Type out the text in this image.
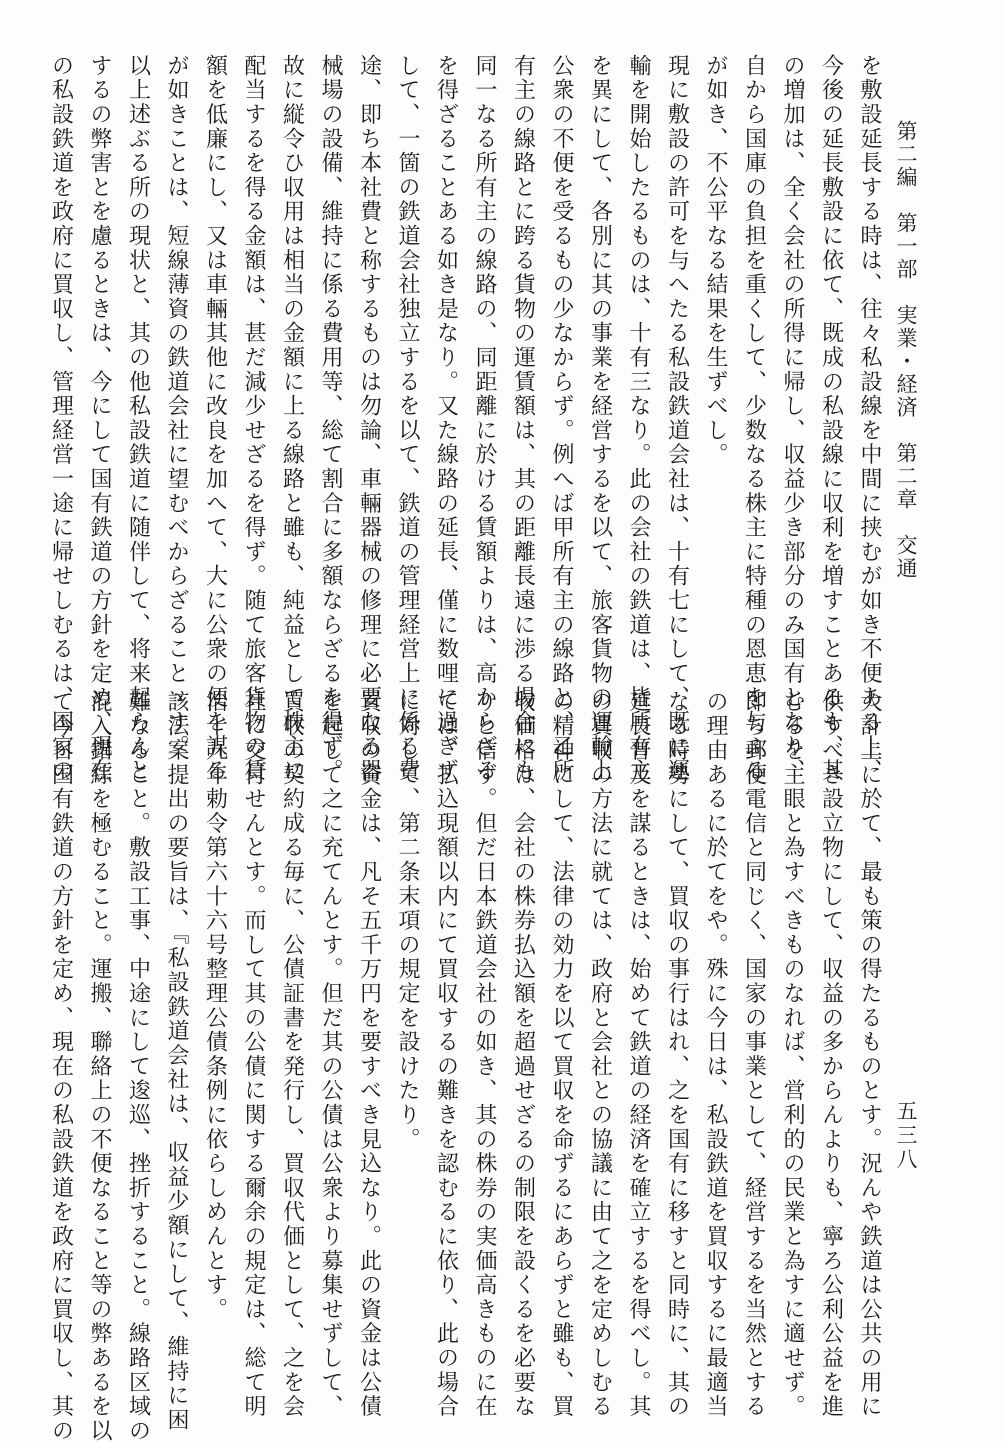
第二編　第一部　実業・経済　第二章　交通
五三八
を敷設延長する時は、往々私設線を中間に挟むが如き不便ある上、
今後の延長敷設に依て、既成の私設線に収利を増すことあるも、其
の増加は、全く会社の所得に帰し、収益少き部分のみ国有となり、
自から国庫の負担を重くして、少数なる株主に特種の恩恵を与ふる
が如き、不公平なる結果を生ずべし。
現に敷設の許可を与へたる私設鉄道会社は、十有七にして、既に運
輸を開始したるものは、十有三なり。此の会社の鉄道は、皆所有主
を異にして、各別に其の事業を経営するを以て、旅客貨物の運輸上
公衆の不便を受るもの少なからず。例へば甲所有主の線路と、乙所
有主の線路とに跨る貨物の運賃額は、其の距離長遠に渉る場合にも
同一なる所有主の線路の、同距離に於ける賃額よりは、高からざる
を得ざることある如き是なり。又た線路の延長、僅に数哩に過ぎず
して、一箇の鉄道会社独立するを以て、鉄道の管理経営上に係る費
途、即ち本社費と称するものは勿論、車輛器械の修理に必要なる器
械場の設備、維持に係る費用等、総て割合に多額ならざるを得ず。
故に縦令ひ収用は相当の金額に上る線路と雖も、純益として株主に
配当するを得る金額は、甚だ減少せざるを得ず。随て旅客貨物の賃
額を低廉にし、又は車輛其他に改良を加へて、大に公衆の便を謀る
が如きことは、短線薄資の鉄道会社に望むべからざることゝす。
以上述ぶる所の現状と、其の他私設鉄道に随伴して、将来起らんと
するの弊害とを慮るときは、今にして国有鉄道の方針を定め、現在
の私設鉄道を政府に買収し、管理経営一途に帰せしむるは、国家の
大計上に於て、最も策の得たるものとす。況んや鉄道は公共の用に
供すべき設立物にして、収益の多からんよりも、寧ろ公利公益を進
むるを主眼と為すべきものなれば、営利的の民業と為すに適せず。
即ち郵便電信と同じく、国家の事業として、経営するを当然とする
の理由あるに於てをや。殊に今日は、私設鉄道を買収するに最適当
なる時勢にして、買収の事行はれ、之を国有に移すと同時に、其の
延長普及を謀るときは、始めて鉄道の経済を確立するを得べし。其
の買収の方法に就ては、政府と会社との協議に由て之を定めしむる
の精神にして、法律の効力を以て買収を命ずるにあらずと雖も、買
収価格は、会社の株券払込額を超過せざるの制限を設くるを必要な
りと信ず。但だ日本鉄道会社の如き、其の株券の実価高きものに在
ては、払込現額以内にて買収するの難きを認むるに依り、此の場合
に対して、第二条末項の規定を設けたり。
買収の資金は、凡そ五千万円を要すべき見込なり。此の資金は公債
を起して之に充てんとす。但だ其の公債は公衆より募集せずして、
買収の契約成る毎に、公債証書を発行し、買収代価として、之を会
社に交付せんとす。而して其の公債に関する爾余の規定は、総て明
治十九年勅令第六十六号整理公債条例に依らしめんとす。
該法案提出の要旨は、『私設鉄道会社は、収益少額にして、維持に困
難なること。敷設工事、中途にして逡巡、挫折すること。線路区域の
混入錯綜を極むること。運搬、聯絡上の不便なること等の弊あるを以
て今日国有鉄道の方針を定め、現在の私設鉄道を政府に買収し、其の
